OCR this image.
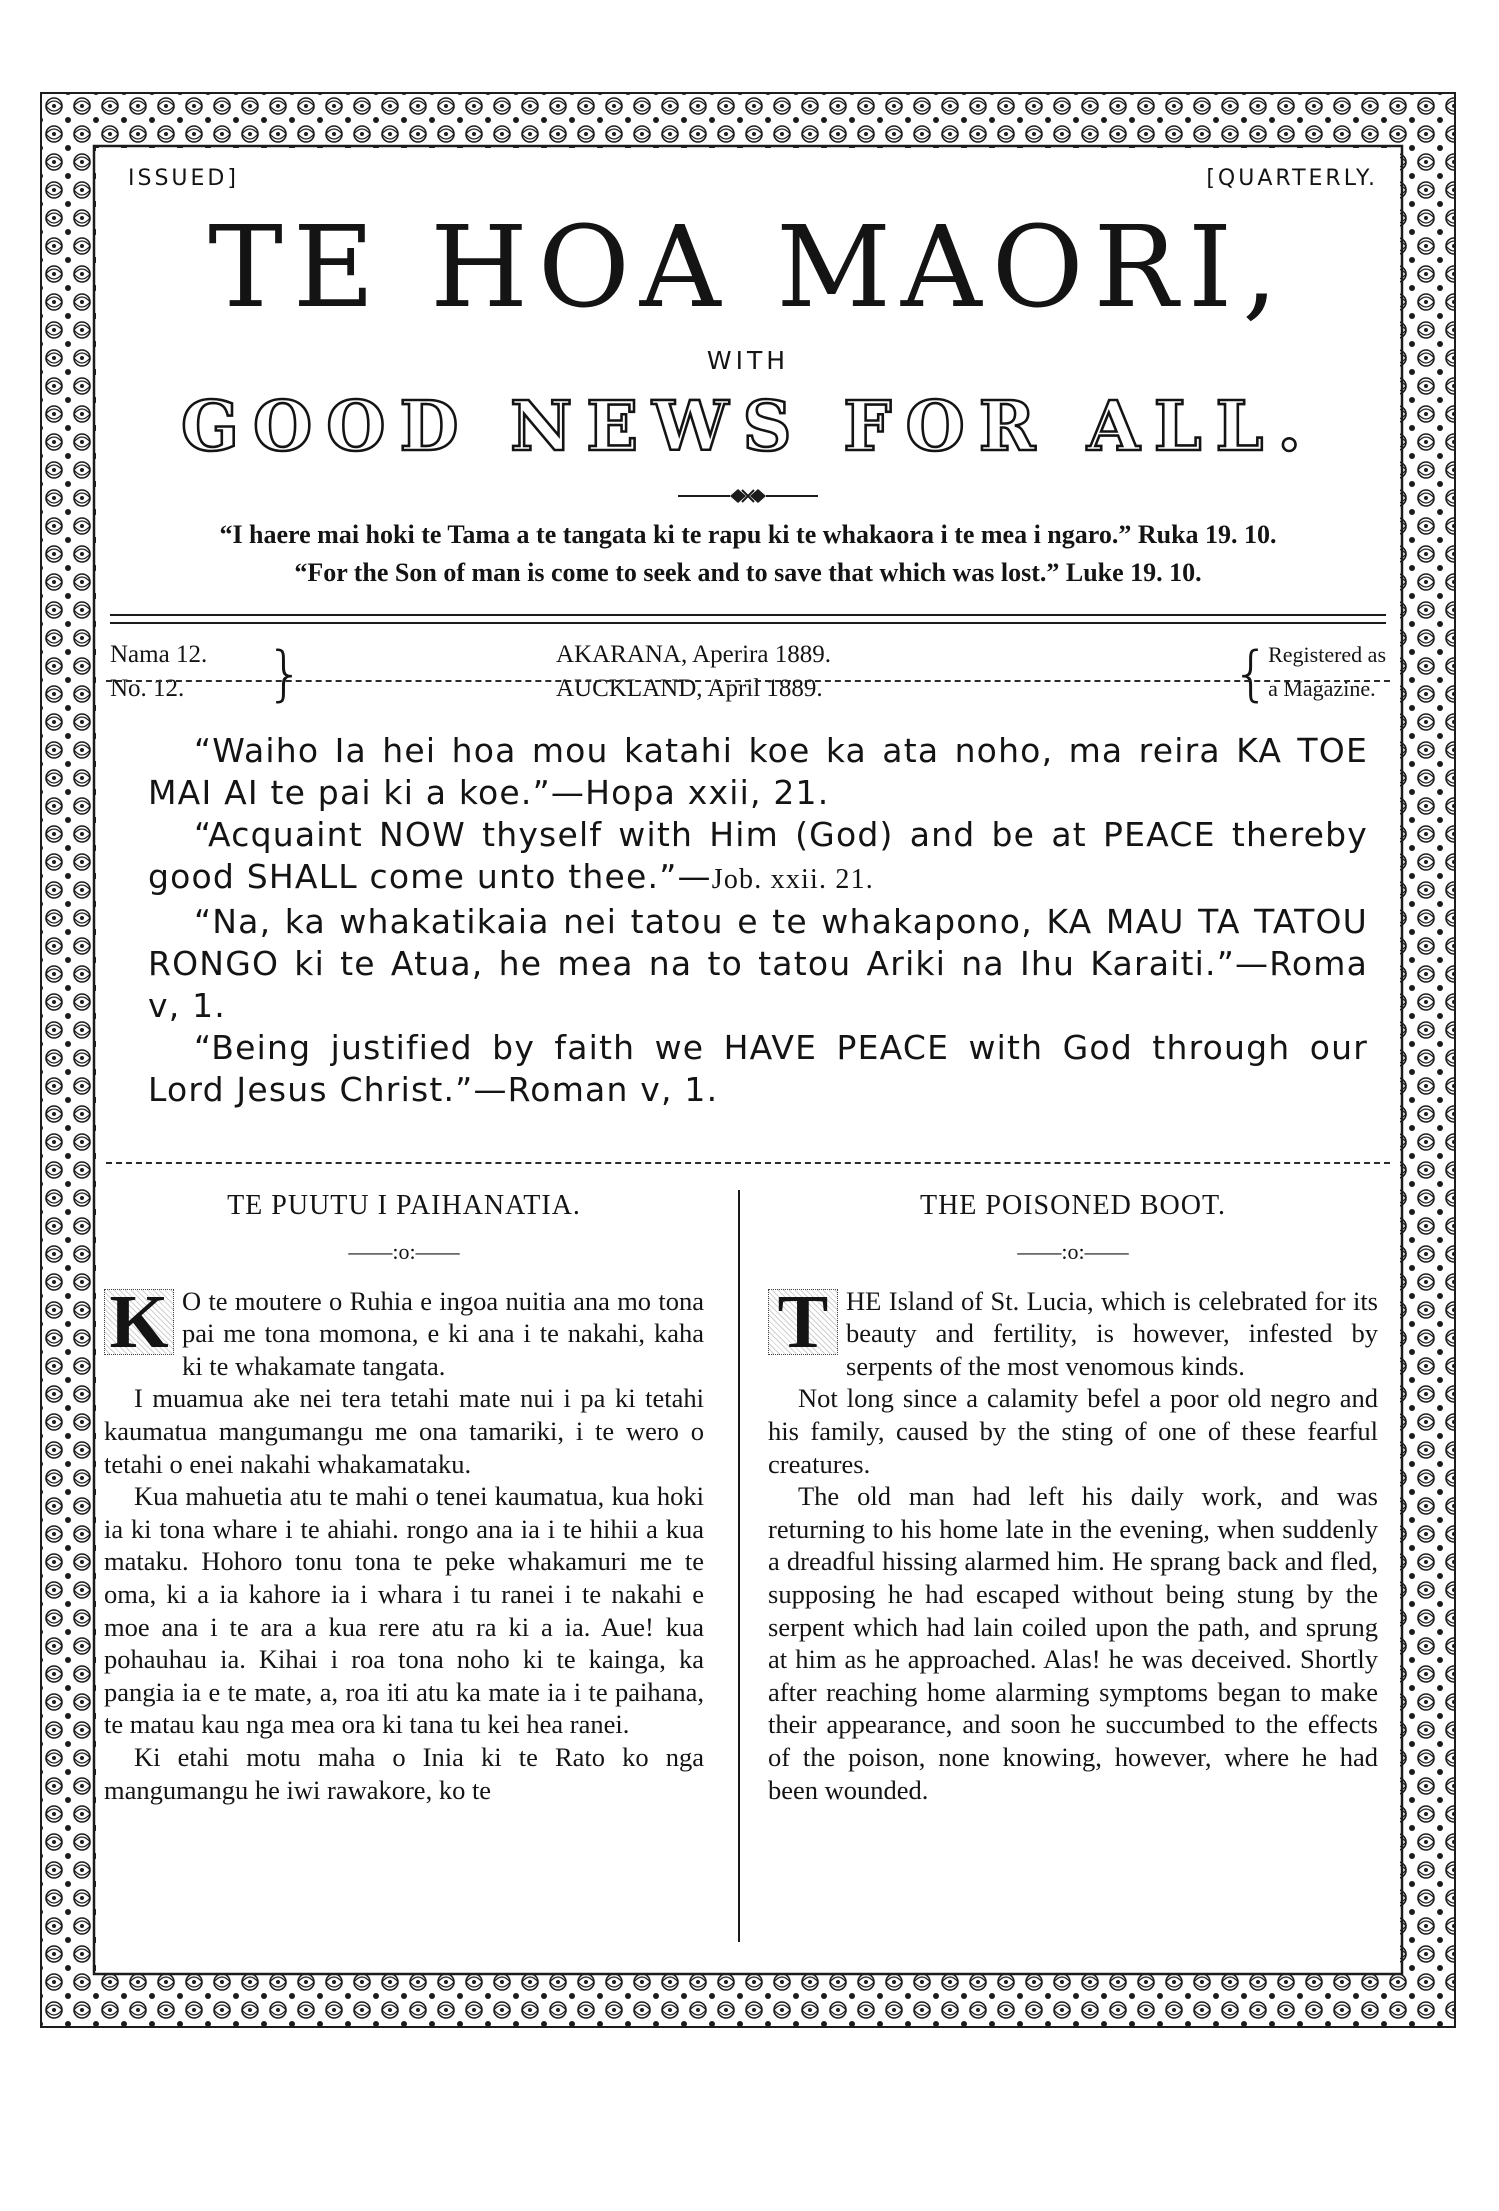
ISSUED]	[QUARTERLY.
TE HOA MAORI,
WITH
GOOD NEWS FOR ALL.
“I haere mai hoki te Tama a te tangata ki te rapu ki te whakaora i te mea i ngaro.” Ruka 19. 10.
“For the Son of man is come to seek and to save that which was lost.” Luke 19. 10.
Nama 12.
No. 12.	}	AKARANA, Aperira 1889.
AUCKLAND, April 1889.	{
Registered as
a Magazine.

“Waiho Ia hei hoa mou katahi koe ka ata noho, ma reira KA TOE MAI AI te pai ki a koe.”—Hopa xxii, 21.

“Acquaint NOW thyself with Him (God) and be at PEACE thereby good SHALL come unto thee.”—Job. xxii. 21.

“Na, ka whakatikaia nei tatou e te whakapono, KA MAU TA TATOU RONGO ki te Atua, he mea na to tatou Ariki na Ihu Karaiti.”—Roma v, 1.

“Being justified by faith we HAVE PEACE with God through our Lord Jesus Christ.”—Roman v, 1.

TE PUUTU I PAIHANATIA.
——:o:——

K O te moutere o Ruhia e ingoa nuitia ana mo tona pai me tona momona, e ki ana i te nakahi, kaha ki te whakamate tangata.

I muamua ake nei tera tetahi mate nui i pa ki tetahi kaumatua mangumangu me ona tamariki, i te wero o tetahi o enei nakahi whakamataku.

Kua mahuetia atu te mahi o tenei kaumatua, kua hoki ia ki tona whare i te ahiahi. rongo ana ia i te hihii a kua mataku. Hohoro tonu tona te peke whakamuri me te oma, ki a ia kahore ia i whara i tu ranei i te nakahi e moe ana i te ara a kua rere atu ra ki a ia. Aue! kua pohauhau ia. Kihai i roa tona noho ki te kainga, ka pangia ia e te mate, a, roa iti atu ka mate ia i te paihana, te matau kau nga mea ora ki tana tu kei hea ranei.

Ki etahi motu maha o Inia ki te Rato ko nga mangumangu he iwi rawakore, ko te

THE POISONED BOOT.
——:o:——

T HE Island of St. Lucia, which is celebrated for its beauty and fertility, is however, infested by serpents of the most venomous kinds.

Not long since a calamity befel a poor old negro and his family, caused by the sting of one of these fearful creatures.

The old man had left his daily work, and was returning to his home late in the evening, when suddenly a dreadful hissing alarmed him. He sprang back and fled, supposing he had escaped without being stung by the serpent which had lain coiled upon the path, and sprung at him as he approached. Alas! he was deceived. Shortly after reaching home alarming symptoms began to make their appearance, and soon he succumbed to the effects of the poison, none knowing, however, where he had been wounded.
